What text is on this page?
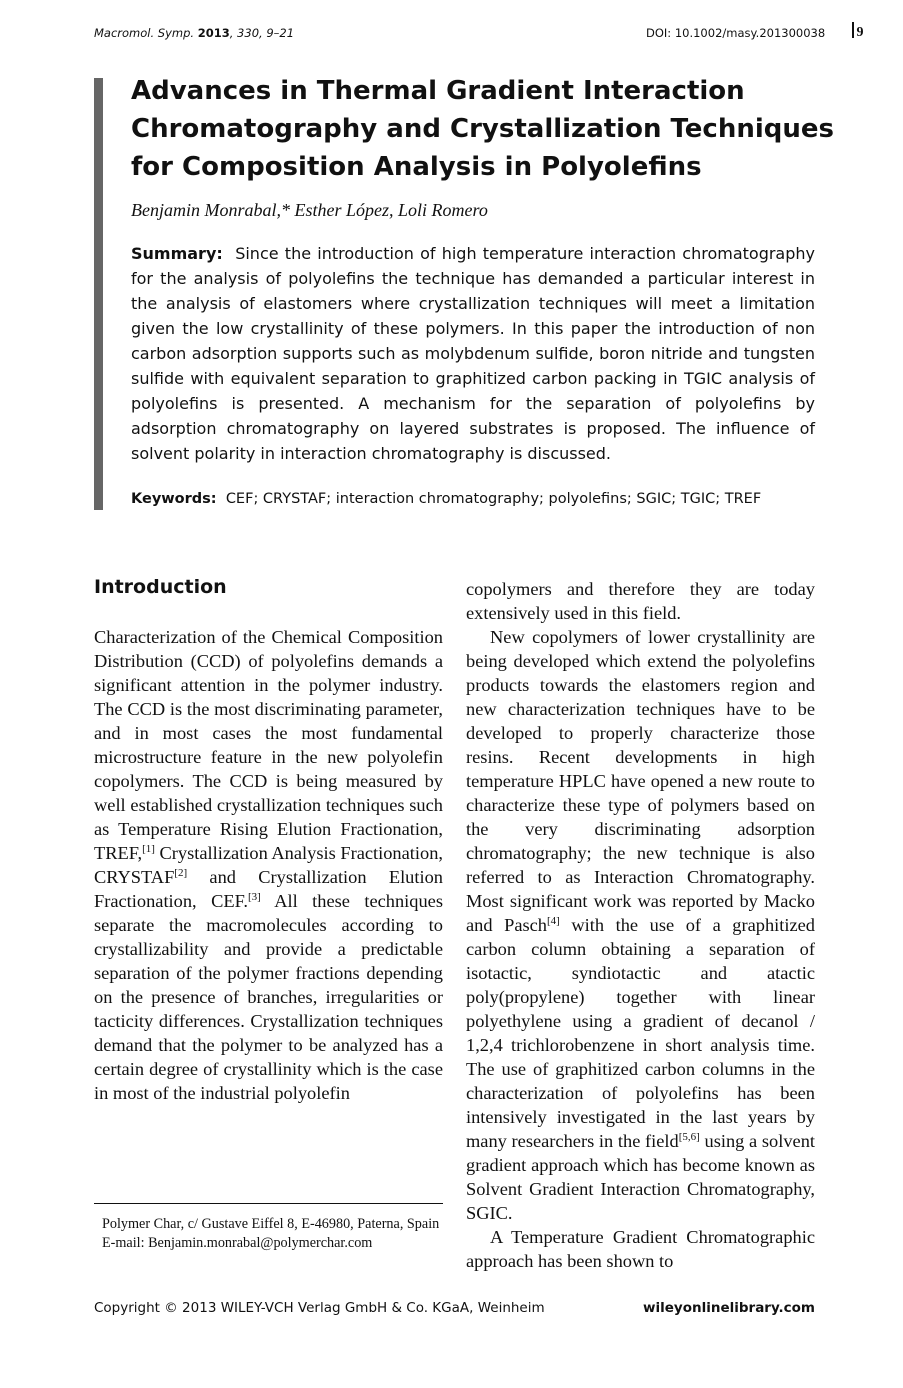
Macromol. Symp. 2013, 330, 9–21	DOI: 10.1002/masy.201300038	9
Advances in Thermal Gradient Interaction Chromatography and Crystallization Techniques for Composition Analysis in Polyolefins
Benjamin Monrabal,* Esther López, Loli Romero

Summary: Since the introduction of high temperature interaction chromatography for the analysis of polyolefins the technique has demanded a particular interest in the analysis of elastomers where crystallization techniques will meet a limitation given the low crystallinity of these polymers. In this paper the introduction of non carbon adsorption supports such as molybdenum sulfide, boron nitride and tungsten sulfide with equivalent separation to graphitized carbon packing in TGIC analysis of polyolefins is presented. A mechanism for the separation of polyolefins by adsorption chromatography on layered substrates is proposed. The influence of solvent polarity in interaction chromatography is discussed.

Keywords: CEF; CRYSTAF; interaction chromatography; polyolefins; SGIC; TGIC; TREF
Introduction

Characterization of the Chemical Composition Distribution (CCD) of polyolefins demands a significant attention in the polymer industry. The CCD is the most discriminating parameter, and in most cases the most fundamental microstructure feature in the new polyolefin copolymers. The CCD is being measured by well established crystallization techniques such as Temperature Rising Elution Fractionation, TREF,[1] Crystallization Analysis Fractionation, CRYSTAF[2] and Crystallization Elution Fractionation, CEF.[3] All these techniques separate the macromolecules according to crystallizability and provide a predictable separation of the polymer fractions depending on the presence of branches, irregularities or tacticity differences. Crystallization techniques demand that the polymer to be analyzed has a certain degree of crystallinity which is the case in most of the industrial polyolefin

copolymers and therefore they are today extensively used in this field.

New copolymers of lower crystallinity are being developed which extend the polyolefins products towards the elastomers region and new characterization techniques have to be developed to properly characterize those resins. Recent developments in high temperature HPLC have opened a new route to characterize these type of polymers based on the very discriminating adsorption chromatography; the new technique is also referred to as Interaction Chromatography. Most significant work was reported by Macko and Pasch[4] with the use of a graphitized carbon column obtaining a separation of isotactic, syndiotactic and atactic poly(propylene) together with linear polyethylene using a gradient of decanol / 1,2,4 trichlorobenzene in short analysis time. The use of graphitized carbon columns in the characterization of polyolefins has been intensively investigated in the last years by many researchers in the field[5,6] using a solvent gradient approach which has become known as Solvent Gradient Interaction Chromatography, SGIC.

A Temperature Gradient Chromatographic approach has been shown to

Polymer Char, c/ Gustave Eiffel 8, E-46980, Paterna, Spain
E-mail: Benjamin.monrabal@polymerchar.com
Copyright © 2013 WILEY-VCH Verlag GmbH & Co. KGaA, Weinheim	wileyonlinelibrary.com
